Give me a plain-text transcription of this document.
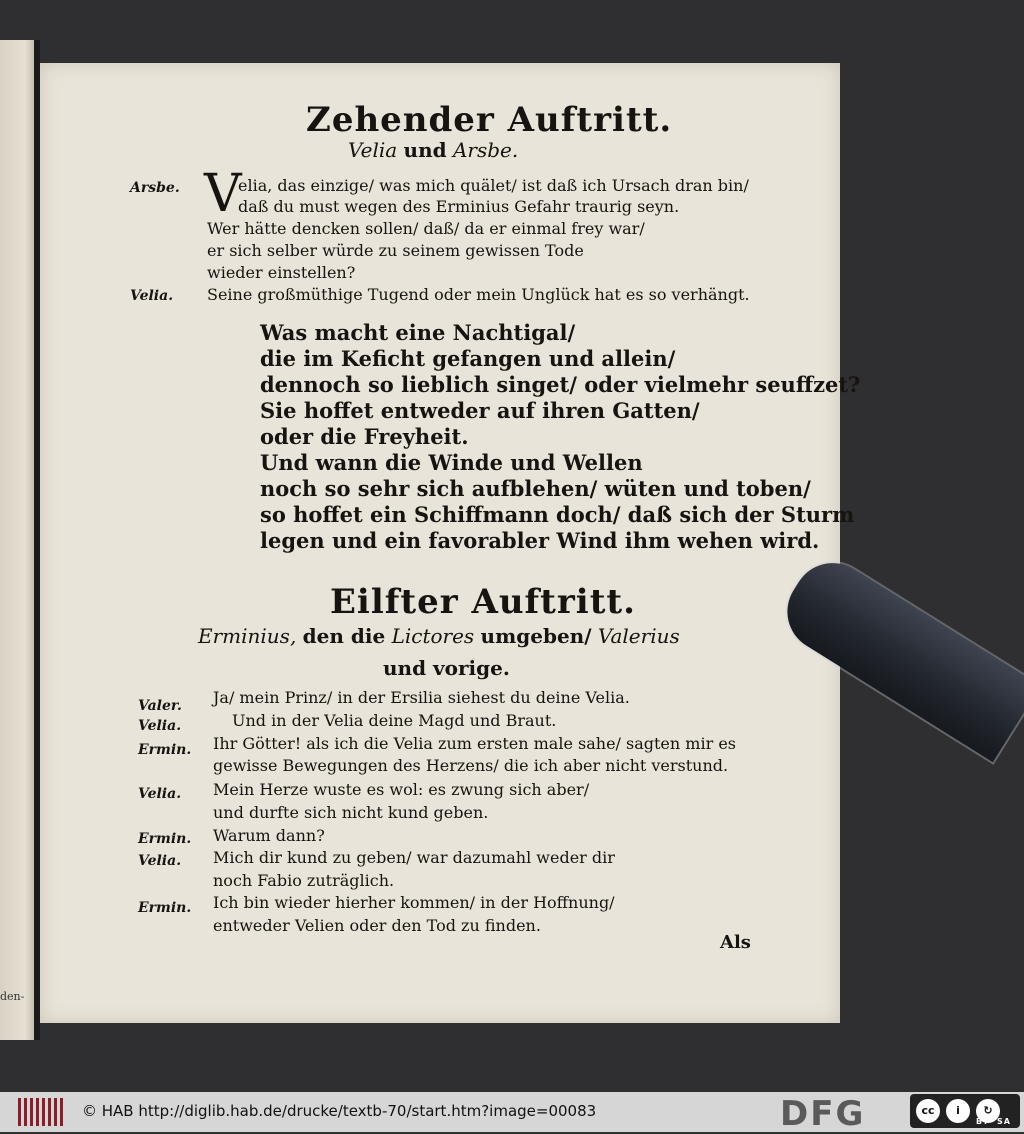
den-
Zehender Auftritt.
Velia und Arsbe.
Arsbe. V
elia, das einzige/ was mich quälet/ ist daß ich Ursach dran bin/
daß du must wegen des Erminius Gefahr traurig seyn.
Wer hätte dencken sollen/ daß/ da er einmal frey war/
er sich selber würde zu seinem gewissen Tode
wieder einstellen?
Velia. Seine großmüthige Tugend oder mein Unglück hat es so verhängt.
Was macht eine Nachtigal/
die im Keficht gefangen und allein/
dennoch so lieblich singet/ oder vielmehr seuffzet?
Sie hoffet entweder auf ihren Gatten/
oder die Freyheit.
Und wann die Winde und Wellen
noch so sehr sich aufblehen/ wüten und toben/
so hoffet ein Schiffmann doch/ daß sich der Sturm
legen und ein favorabler Wind ihm wehen wird.
Eilfter Auftritt.
Erminius, den die Lictores umgeben/ Valerius
und vorige.
Valer. Ja/ mein Prinz/ in der Ersilia siehest du deine Velia.
Velia.	Und in der Velia deine Magd und Braut.
Ermin. Ihr Götter! als ich die Velia zum ersten male sahe/ sagten mir es
gewisse Bewegungen des Herzens/ die ich aber nicht verstund.
Velia. Mein Herze wuste es wol: es zwung sich aber/
und durfte sich nicht kund geben.
Ermin. Warum dann?
Velia. Mich dir kund zu geben/ war dazumahl weder dir
noch Fabio zuträglich.
Ermin. Ich bin wieder hierher kommen/ in der Hoffnung/
entweder Velien oder den Tod zu finden.
Als
© HAB http://diglib.hab.de/drucke/textb-70/start.htm?image=00083	DFG	cc	i	↻
BY SA
